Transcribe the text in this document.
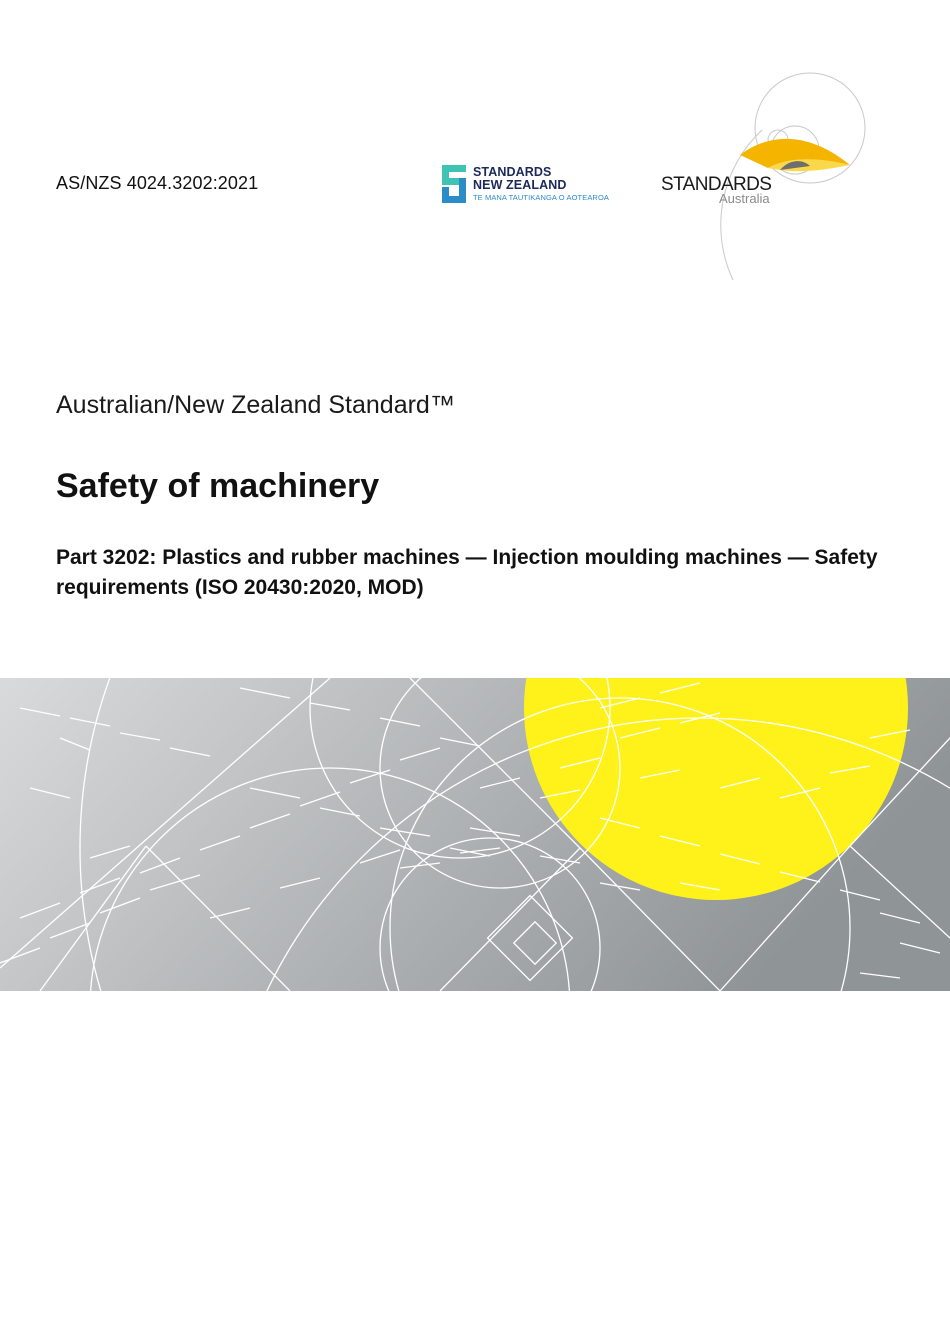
AS/NZS 4024.3202:2021
STANDARDS
NEW ZEALAND
TE MANA TAUTIKANGA O AOTEAROA
STANDARDS
Australia
Australian/New Zealand Standard™
Safety of machinery
Part 3202: Plastics and rubber machines — Injection moulding machines — Safety requirements (ISO 20430:2020, MOD)
